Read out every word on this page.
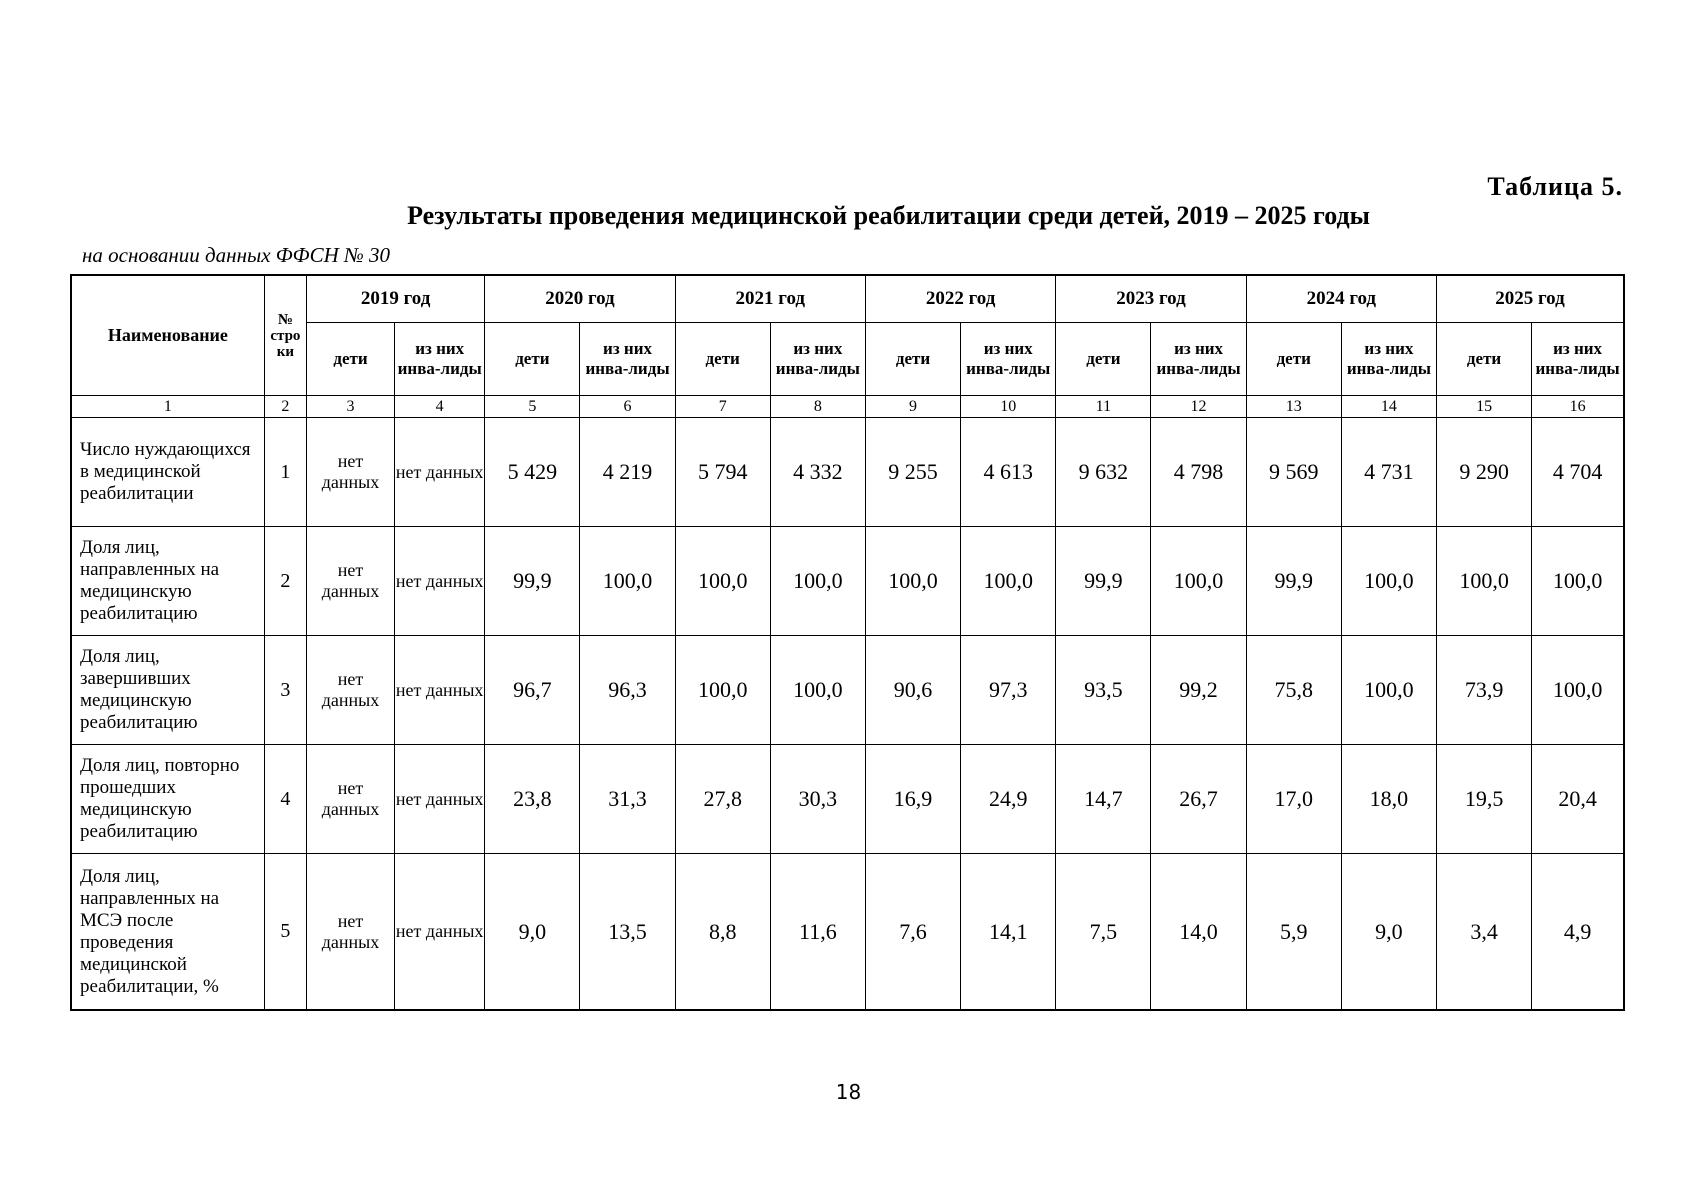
Таблица 5.
Результаты проведения медицинской реабилитации среди детей, 2019 – 2025 годы
на основании данных ФФСН № 30
Наименование	№ стро ки	2019 год		2020 год		2021 год		2022 год		2023 год		2024 год		2025 год	
		дети	из них инва-лиды	дети	из них инва-лиды	дети	из них инва-лиды	дети	из них инва-лиды	дети	из них инва-лиды	дети	из них инва-лиды	дети	из них инва-лиды
1	2	3	4	5	6	7	8	9	10	11	12	13	14	15	16
Число нуждающихся в медицинской реабилитации	1	нет данных	нет данных	5 429	4 219	5 794	4 332	9 255	4 613	9 632	4 798	9 569	4 731	9 290	4 704
Доля лиц, направленных на медицинскую реабилитацию	2	нет данных	нет данных	99,9	100,0	100,0	100,0	100,0	100,0	99,9	100,0	99,9	100,0	100,0	100,0
Доля лиц, завершивших медицинскую реабилитацию	3	нет данных	нет данных	96,7	96,3	100,0	100,0	90,6	97,3	93,5	99,2	75,8	100,0	73,9	100,0
Доля лиц, повторно прошедших медицинскую реабилитацию	4	нет данных	нет данных	23,8	31,3	27,8	30,3	16,9	24,9	14,7	26,7	17,0	18,0	19,5	20,4
Доля лиц, направленных на МСЭ после проведения медицинской реабилитации, %	5	нет данных	нет данных	9,0	13,5	8,8	11,6	7,6	14,1	7,5	14,0	5,9	9,0	3,4	4,9
18
